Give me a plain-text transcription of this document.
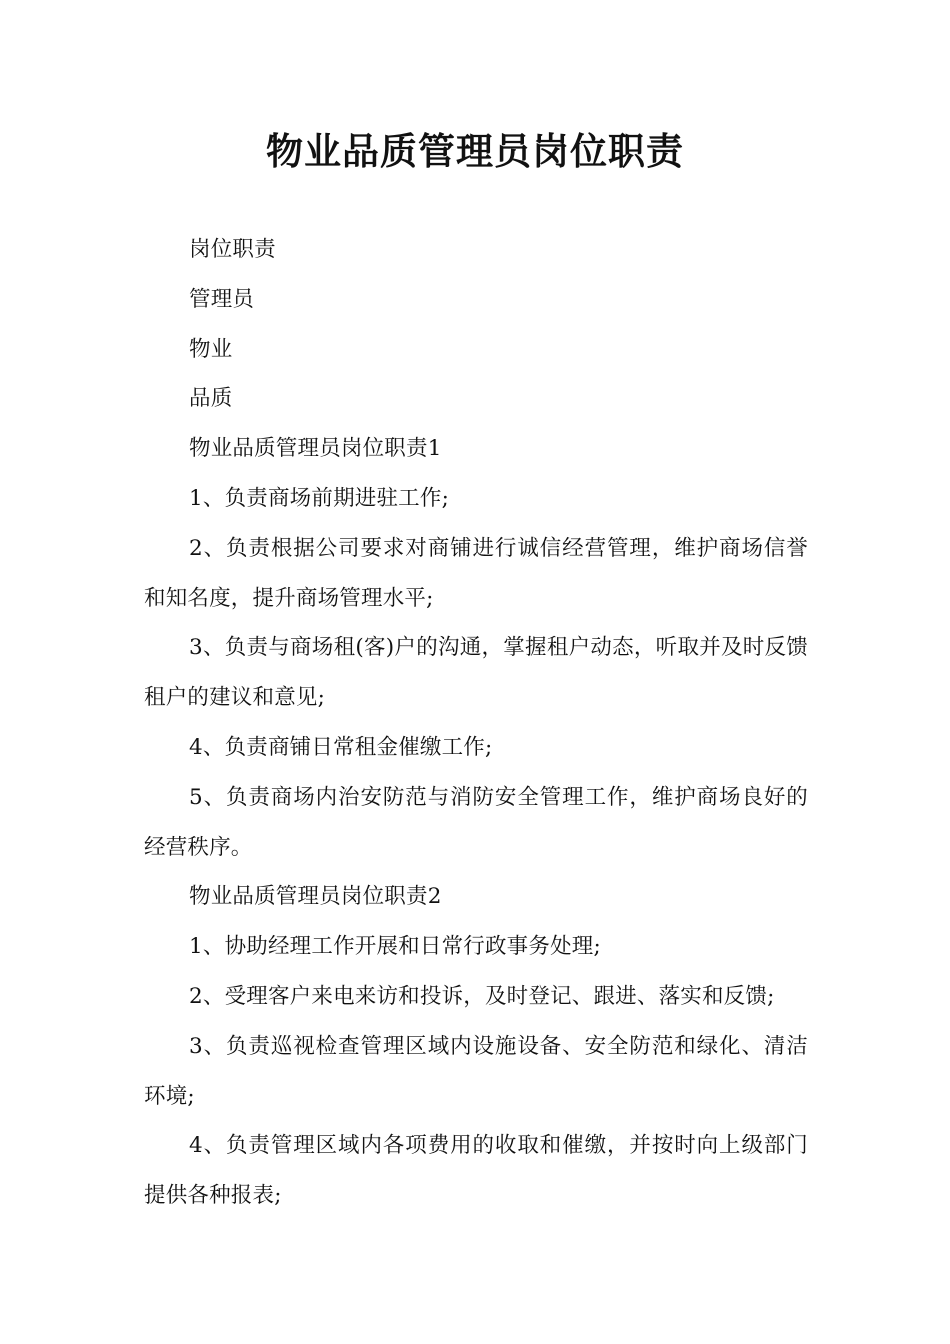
物业品质管理员岗位职责

岗位职责

管理员

物业

品质

物业品质管理员岗位职责1

1、负责商场前期进驻工作;

2、负责根据公司要求对商铺进行诚信经营管理，维护商场信誉和知名度，提升商场管理水平;

3、负责与商场租(客)户的沟通，掌握租户动态，听取并及时反馈租户的建议和意见;

4、负责商铺日常租金催缴工作;

5、负责商场内治安防范与消防安全管理工作，维护商场良好的经营秩序。

物业品质管理员岗位职责2

1、协助经理工作开展和日常行政事务处理;

2、受理客户来电来访和投诉，及时登记、跟进、落实和反馈;

3、负责巡视检查管理区域内设施设备、安全防范和绿化、清洁环境;

4、负责管理区域内各项费用的收取和催缴，并按时向上级部门提供各种报表;
